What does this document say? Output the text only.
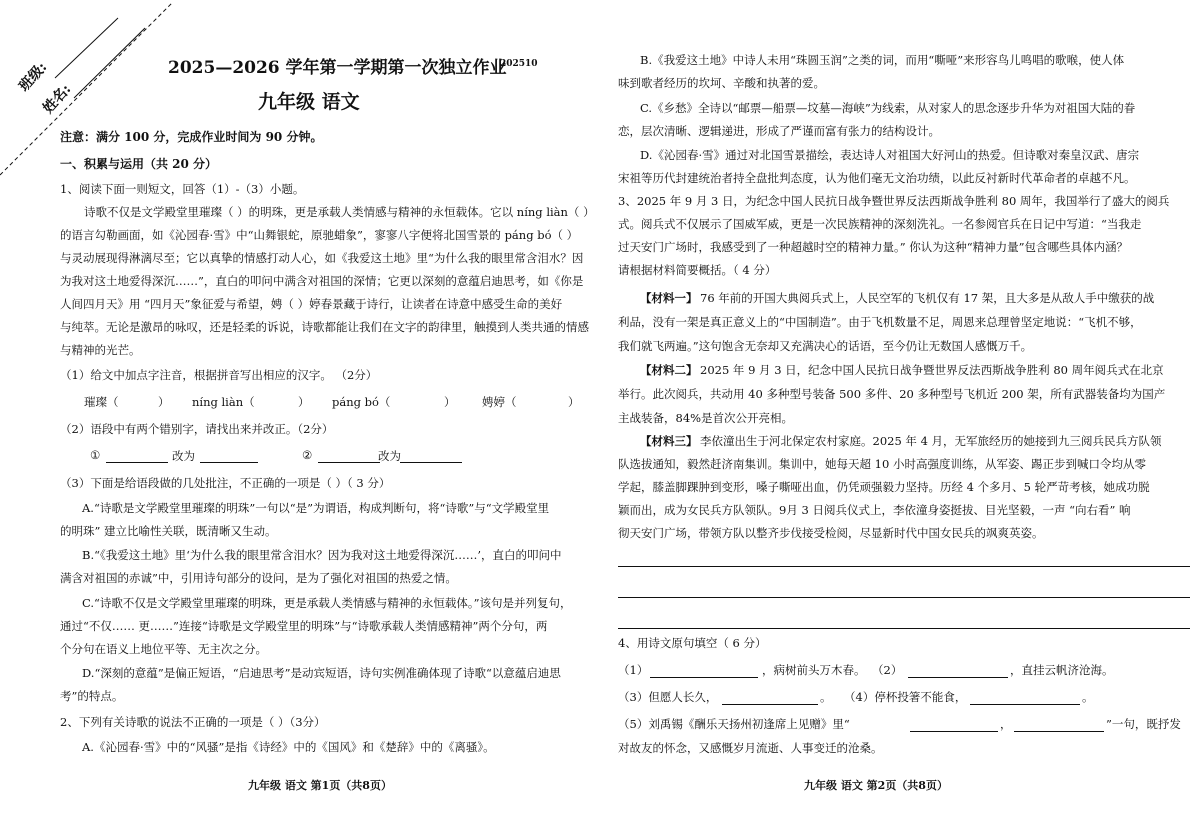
班级:
姓名:
2025—2026 学年第一学期第一次独立作业
202510
九年级 语文
注意：满分 100 分，完成作业时间为 90 分钟。
一、积累与运用（共 20 分）
1、阅读下面一则短文，回答（1）-（3）小题。
诗歌不仅是文学殿堂里璀璨（ ）的明珠，更是承载人类情感与精神的永恒载体。它以 níng liàn（ ）
的语言勾勒画面，如《沁园春·雪》中“山舞银蛇，原驰蜡象”，寥寥八字便将北国雪景的 páng bó（ ）
与灵动展现得淋漓尽至；它以真挚的情感打动人心，如《我爱这土地》里“为什么我的眼里常含泪水？因
为我对这土地爱得深沉……”，直白的叩问中满含对祖国的深情；它更以深刻的意蕴启迪思考，如《你是
人间四月天》用 “四月天”象征爱与希望，娉（ ）婷春景藏于诗行，让读者在诗意中感受生命的美好
与纯萃。无论是激昂的咏叹，还是轻柔的诉说，诗歌都能让我们在文字的韵律里，触摸到人类共通的情感
与精神的光芒。
（1）给文中加点字注音，根据拼音写出相应的汉字。 （2分）
璀璨（	） níng liàn（	） páng bó（	） 娉婷（	）
（2）语段中有两个错别字，请找出来并改正。（2分）
①	改为	②	改为
（3）下面是给语段做的几处批注，不正确的一项是（ ）（ 3 分）
A.“诗歌是文学殿堂里璀璨的明珠”一句以“是”为谓语，构成判断句，将“诗歌”与“文学殿堂里
的明珠” 建立比喻性关联，既清晰又生动。
B.“《我爱这土地》里‘为什么我的眼里常含泪水？因为我对这土地爱得深沉……’，直白的叩问中
满含对祖国的赤诚”中，引用诗句部分的设问，是为了强化对祖国的热爱之情。
C.“诗歌不仅是文学殿堂里璀璨的明珠，更是承载人类情感与精神的永恒载体。”该句是并列复句，
通过“不仅…… 更……”连接“诗歌是文学殿堂里的明珠”与“诗歌承载人类情感精神”两个分句，两
个分句在语义上地位平等、无主次之分。
D.“深刻的意蕴”是偏正短语，“启迪思考”是动宾短语，诗句实例准确体现了诗歌“以意蕴启迪思
考”的特点。
2、下列有关诗歌的说法不正确的一项是（ ）（3分）
A.《沁园春·雪》中的“风骚”是指《诗经》中的《国风》和《楚辞》中的《离骚》。
九年级 语文 第1页（共8页）
B.《我爱这土地》中诗人未用“珠圆玉润”之类的词，而用“嘶哑”来形容鸟儿鸣唱的歌喉，使人体
味到歌者经历的坎坷、辛酸和执著的爱。
C.《乡愁》全诗以“邮票—船票—坟墓—海峡”为线索，从对家人的思念逐步升华为对祖国大陆的眷
恋，层次清晰、逻辑递进，形成了严谨而富有张力的结构设计。
D.《沁园春·雪》通过对北国雪景描绘，表达诗人对祖国大好河山的热爱。但诗歌对秦皇汉武、唐宗
宋祖等历代封建统治者持全盘批判态度，认为他们毫无文治功绩，以此反衬新时代革命者的卓越不凡。
3、2025 年 9 月 3 日，为纪念中国人民抗日战争暨世界反法西斯战争胜利 80 周年，我国举行了盛大的阅兵
式。阅兵式不仅展示了国威军威，更是一次民族精神的深刻洗礼。一名参阅官兵在日记中写道：“当我走
过天安门广场时，我感受到了一种超越时空的精神力量。” 你认为这种“精神力量”包含哪些具体内涵？
请根据材料简要概括。（ 4 分）
【材料一】 76 年前的开国大典阅兵式上，人民空军的飞机仅有 17 架，且大多是从敌人手中缴获的战
利品，没有一架是真正意义上的“中国制造”。由于飞机数量不足，周恩来总理曾坚定地说：“飞机不够，
我们就飞两遍。”这句饱含无奈却又充满决心的话语，至今仍让无数国人感慨万千。
【材料二】 2025 年 9 月 3 日，纪念中国人民抗日战争暨世界反法西斯战争胜利 80 周年阅兵式在北京
举行。此次阅兵，共动用 40 多种型号装备 500 多件、20 多种型号飞机近 200 架，所有武器装备均为国产
主战装备，84%是首次公开亮相。
【材料三】 李依潼出生于河北保定农村家庭。2025 年 4 月，无军旅经历的她接到九三阅兵民兵方队领
队选拔通知，毅然赶济南集训。集训中，她每天超 10 小时高强度训练，从军姿、踢正步到喊口令均从零
学起，膝盖脚踝肿到变形，嗓子嘶哑出血，仍凭顽强毅力坚持。历经 4 个多月、5 轮严苛考核，她成功脱
颖而出，成为女民兵方队领队。9月 3 日阅兵仪式上，李依潼身姿挺拔、目光坚毅，一声 “向右看” 响
彻天安门广场，带领方队以整齐步伐接受检阅，尽显新时代中国女民兵的飒爽英姿。
4、用诗文原句填空（ 6 分）
（1）	，病树前头万木春。 （2）	，直挂云帆济沧海。
（3）但愿人长久，	。 （4）停杯投箸不能食，	。
（5）刘禹锡《酬乐天扬州初逢席上见赠》里“	，	”一句，既抒发
对故友的怀念，又感慨岁月流逝、人事变迁的沧桑。
九年级 语文 第2页（共8页）
